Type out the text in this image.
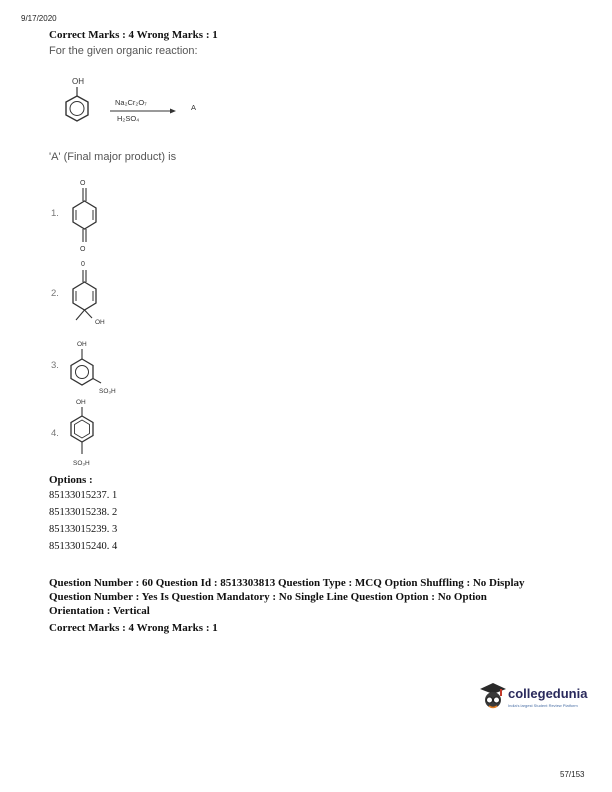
9/17/2020
Correct Marks : 4 Wrong Marks : 1
For the given organic reaction:
OH
Na₂Cr₂O₇
H₂SO₄
A
'A' (Final major product) is
1.
O
O
2.
0
OH
3.
OH
SO₃H
4.
OH
SO₃H
Options :
85133015237. 1
85133015238. 2
85133015239. 3
85133015240. 4
Question Number : 60 Question Id : 8513303813 Question Type : MCQ Option Shuffling : No Display
Question Number : Yes Is Question Mandatory : No Single Line Question Option : No Option
Orientation : Vertical
Correct Marks : 4 Wrong Marks : 1
collegedunia
India's largest Student Review Platform
57/153
